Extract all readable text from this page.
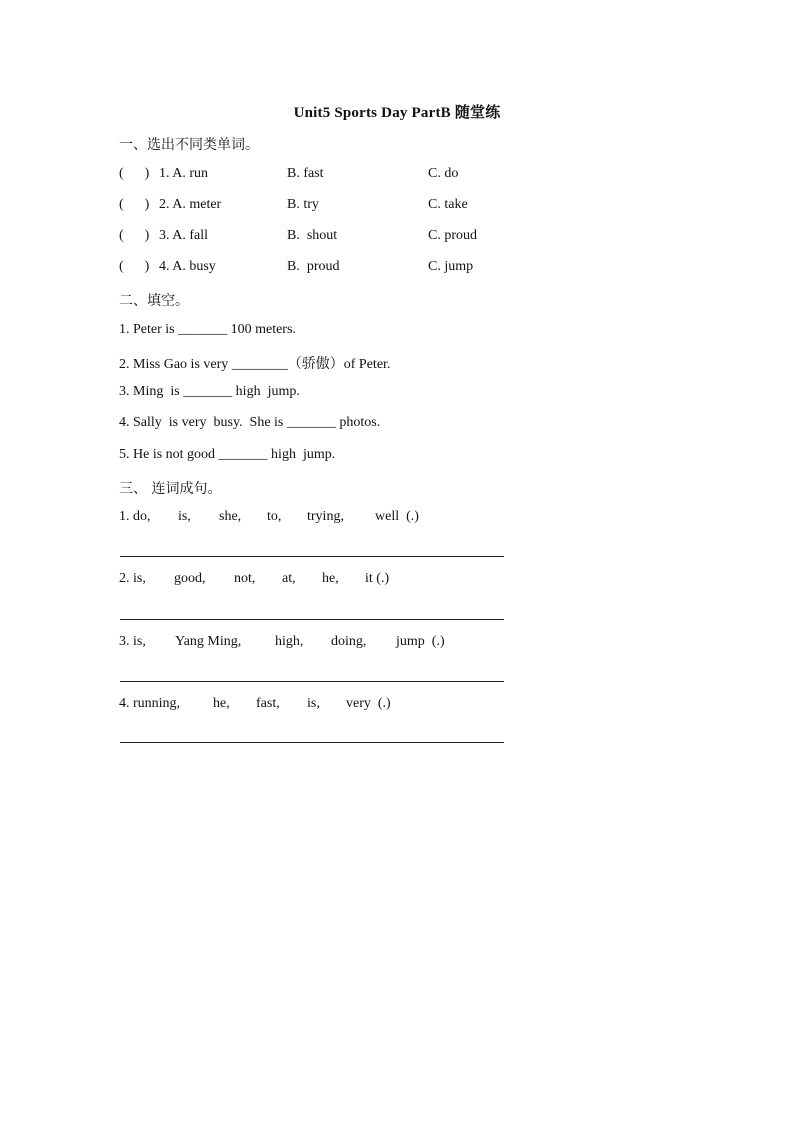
Unit5 Sports Day PartB 随堂练
一、选出不同类单词。
(      ) 1. A. run	B. fast	C. do
(      ) 2. A. meter	B. try	C. take
(      ) 3. A. fall	B.  shout	C. proud
(      ) 4. A. busy	B.  proud	C. jump
二、填空。
1. Peter is _______ 100 meters.
2. Miss Gao is very ________（骄傲）of Peter.
3. Ming  is _______ high  jump.
4. Sally  is very  busy.  She is _______ photos.
5. He is not good _______ high  jump.
三、 连词成句。

1. do,

is,

she,

to,

trying,

well  (.)

2. is,

good,

not,

at,

he,

it (.)

3. is,

Yang Ming,

high,

doing,

jump  (.)

4. running,

he,

fast,

is,

very  (.)
